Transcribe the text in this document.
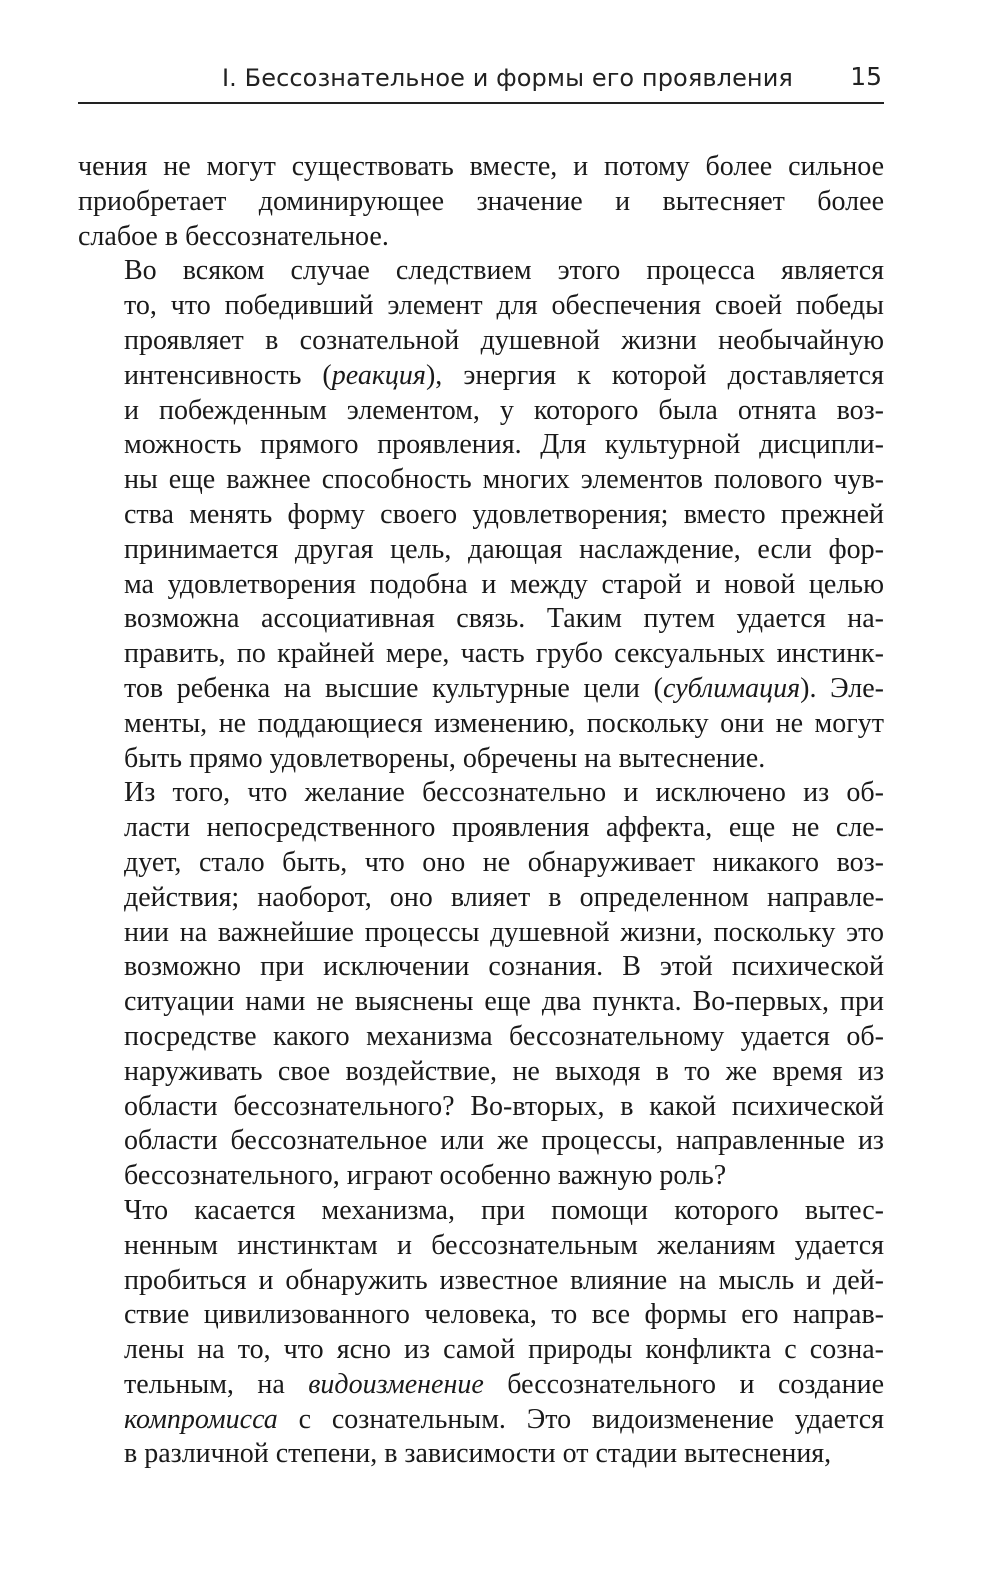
I. Бессознательное и формы его проявления 15

чения не могут существовать вместе, и потому более сильное
приобретает доминирующее значение и вытесняет более
слабое в бессознательное.

Во всяком случае следствием этого процесса является
то, что победивший элемент для обеспечения своей победы
проявляет в сознательной душевной жизни необычайную
интенсивность (реакция), энергия к которой доставляется
и побежденным элементом, у которого была отнята воз-
можность прямого проявления. Для культурной дисципли-
ны еще важнее способность многих элементов полового чув-
ства менять форму своего удовлетворения; вместо прежней
принимается другая цель, дающая наслаждение, если фор-
ма удовлетворения подобна и между старой и новой целью
возможна ассоциативная связь. Таким путем удается на-
править, по крайней мере, часть грубо сексуальных инстинк-
тов ребенка на высшие культурные цели (сублимация). Эле-
менты, не поддающиеся изменению, поскольку они не могут
быть прямо удовлетворены, обречены на вытеснение.

Из того, что желание бессознательно и исключено из об-
ласти непосредственного проявления аффекта, еще не сле-
дует, стало быть, что оно не обнаруживает никакого воз-
действия; наоборот, оно влияет в определенном направле-
нии на важнейшие процессы душевной жизни, поскольку это
возможно при исключении сознания. В этой психической
ситуации нами не выяснены еще два пункта. Во-первых, при
посредстве какого механизма бессознательному удается об-
наруживать свое воздействие, не выходя в то же время из
области бессознательного? Во-вторых, в какой психической
области бессознательное или же процессы, направленные из
бессознательного, играют особенно важную роль?

Что касается механизма, при помощи которого вытес-
ненным инстинктам и бессознательным желаниям удается
пробиться и обнаружить известное влияние на мысль и дей-
ствие цивилизованного человека, то все формы его направ-
лены на то, что ясно из самой природы конфликта с созна-
тельным, на видоизменение бессознательного и создание
компромисса с сознательным. Это видоизменение удается
в различной степени, в зависимости от стадии вытеснения,
